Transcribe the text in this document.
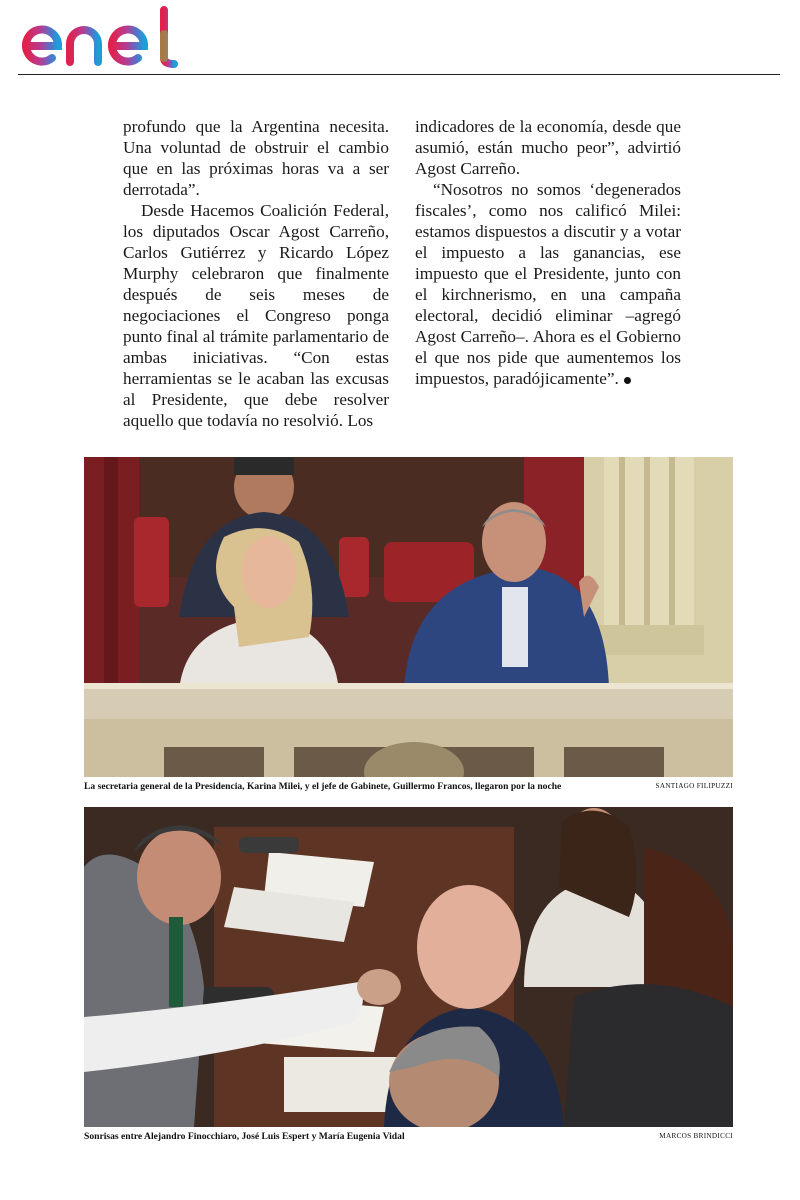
profundo que la Argentina necesita. Una voluntad de obstruir el cambio que en las próximas horas va a ser derrotada”.

Desde Hacemos Coalición Federal, los diputados Oscar Agost Carreño, Carlos Gutiérrez y Ricardo López Murphy celebraron que finalmente después de seis meses de negociaciones el Congreso ponga punto final al trámite parlamentario de ambas iniciativas. “Con estas herramientas se le acaban las excusas al Presidente, que debe resolver aquello que todavía no resolvió. Los

indicadores de la economía, desde que asumió, están mucho peor”, advirtió Agost Carreño.

“Nosotros no somos ‘degenerados fiscales’, como nos calificó Milei: estamos dispuestos a discutir y a votar el impuesto a las ganancias, ese impuesto que el Presidente, junto con el kirchnerismo, en una campaña electoral, decidió eliminar –agregó Agost Carreño–. Ahora es el Gobierno el que nos pide que aumentemos los impuestos, paradójicamente”.

La secretaria general de la Presidencia, Karina Milei, y el jefe de Gabinete, Guillermo Francos, llegaron por la noche	SANTIAGO FILIPUZZI
Sonrisas entre Alejandro Finocchiaro, José Luis Espert y María Eugenia Vidal	MARCOS BRINDICCI
